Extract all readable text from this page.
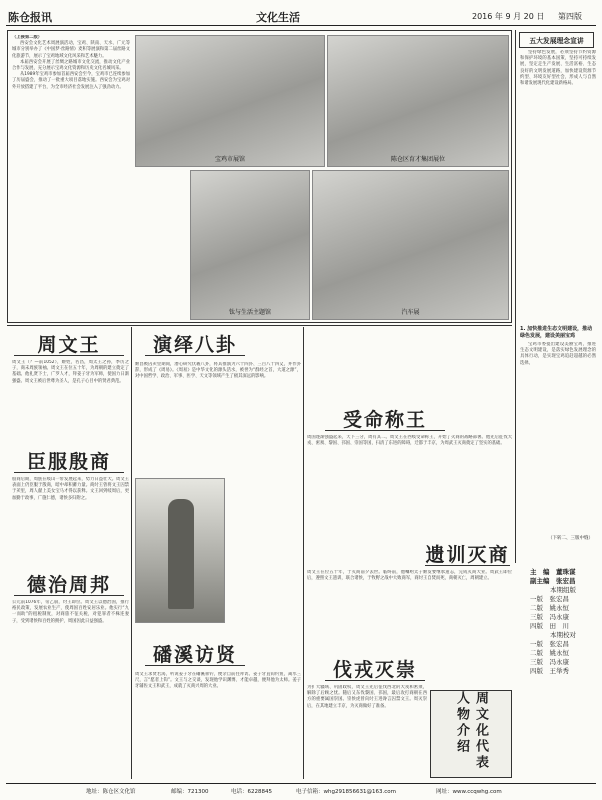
陈仓报讯	文化生活	2016 年 9 月 20 日 第四版
（上接第二版）

西安会文化艺术周展演活动，宝鸡、陕南、天水、广元等城市分别举办了《中国梦·丝路情》麦积等展演和第二届丝路文化旅游节，展示了宝鸡地域文化风采和艺术魅力。

本届西安会开展了丝绸之路城市文化交流，推动文化产业合作与发展，充分展示宝鸡文化资源和历史文化名城风采。

从1989年宝鸡市参加首届西安会至今，宝鸡市已连续参加了历届盛会，推动了一批重大项目落地实施。西安会为宝鸡对外开放搭建了平台，为全市经济社会发展注入了强劲动力。

宝鸡市展馆	陈仓区育才集团展位
钛与生活主题馆	汽车展
五大发展理念宣讲

坚持绿色发展，必须坚持节约资源和保护环境的基本国策，坚持可持续发展，坚定走生产发展、生活富裕、生态良好的文明发展道路，加快建设资源节约型、环境友好型社会，形成人与自然和谐发展现代化建设新格局。

1. 加快推进生态文明建设，推动绿色发展，建设美丽宝鸡

宝鸡市委提出建设美丽宝鸡，推进生态文明建设，是落实绿色发展理念的具体行动，是实现宝鸡追赶超越的必然选择。

（下转二、三版中缝）
主　编　董珠谋
副主编　张宏昌
本期组版
一版　张宏昌
二版　姚永恒
三版　冯永康
四版　田　川
本期校对
一版　张宏昌
二版　姚永恒
三版　冯永康
四版　王举秀
周文王
周文王（？—前1052），姬姓，名昌，周太王之孙，季历之子，商末周族领袖。周文王在位五十年，为周朝的建立奠定了基础。他礼贤下士，广罗人才，拜姜子牙为军师，使国力日渐强盛。周文王被后世尊为圣人，是孔子心目中的贤君典范。
臣服殷商
殷商后期，周族在岐山一带发展起来，势力日益壮大。周文王表面上仍臣服于殷商，暗中却积蓄力量。商纣王曾将文王囚禁于羑里，周人献上美女宝马才得以获释。文王回到岐周后，更加勤于政事，广施仁德，诸侯多归附之。
德治周邦
公元前1076年，帝乙崩，纣王即位。周文王以德治国，推行裕民政策，发展农业生产，使周国百姓安居乐业。他实行“九一而助”的租税制度，对商旅不征关税，对犯罪者不株连妻子，受到诸侯和百姓的拥护，周国因此日益强盛。
演绎八卦
姬昌被囚羑里期间，潜心研究伏羲八卦，将其推演为六十四卦、三百八十四爻，并作卦辞，形成了《周易》。《周易》是中华文化的源头活水，被誉为“群经之首，大道之源”，对中国哲学、政治、军事、医学、天文等领域产生了极其深远的影响。
磻溪访贤
周文王求贤若渴，听说姜子牙在磻溪垂钓，便亲自前往拜访。姜子牙直钩钓鱼，离水三尺，言“愿者上钩”。文王与之交谈，发现他学识渊博、才能卓越，便拜他为太师。姜子牙辅佐文王和武王，成就了灭商兴周的大业。
受命称王
周国逐渐强盛起来，天下三分，周有其二。周文王在西岐受命称王，开始了灭商的战略部署。他先后征伐犬戎、密须、黎国、邘国、崇国等国，扫清了东进的障碍，迁都于丰京，为周武王灭商奠定了坚实的基础。
遗训灭商
周文王在位五十年，于灭商前夕去世。临终前，他嘱咐太子姬发要继承遗志，完成灭商大业。周武王即位后，遵照文王遗训，联合诸侯，于牧野之战中大败商军，商纣王自焚而死，商朝灭亡，周朝建立。
伐戎灭崇
为扩大疆域、巩固政权，周文王先后征伐西北的犬戎和密须，解除了后顾之忧。随后又东伐黎国、邘国，最后攻打商朝在西方的重要属国崇国。崇侯虎曾向纣王进谗言囚禁文王。周灭崇后，在其地建立丰京，为灭商做好了准备。	周文化代表人物介绍
地址：陈仓区文化馆	邮编：721300	电话：6228845	电子信箱：whg291856631@163.com	网址：www.ccqwhg.com
